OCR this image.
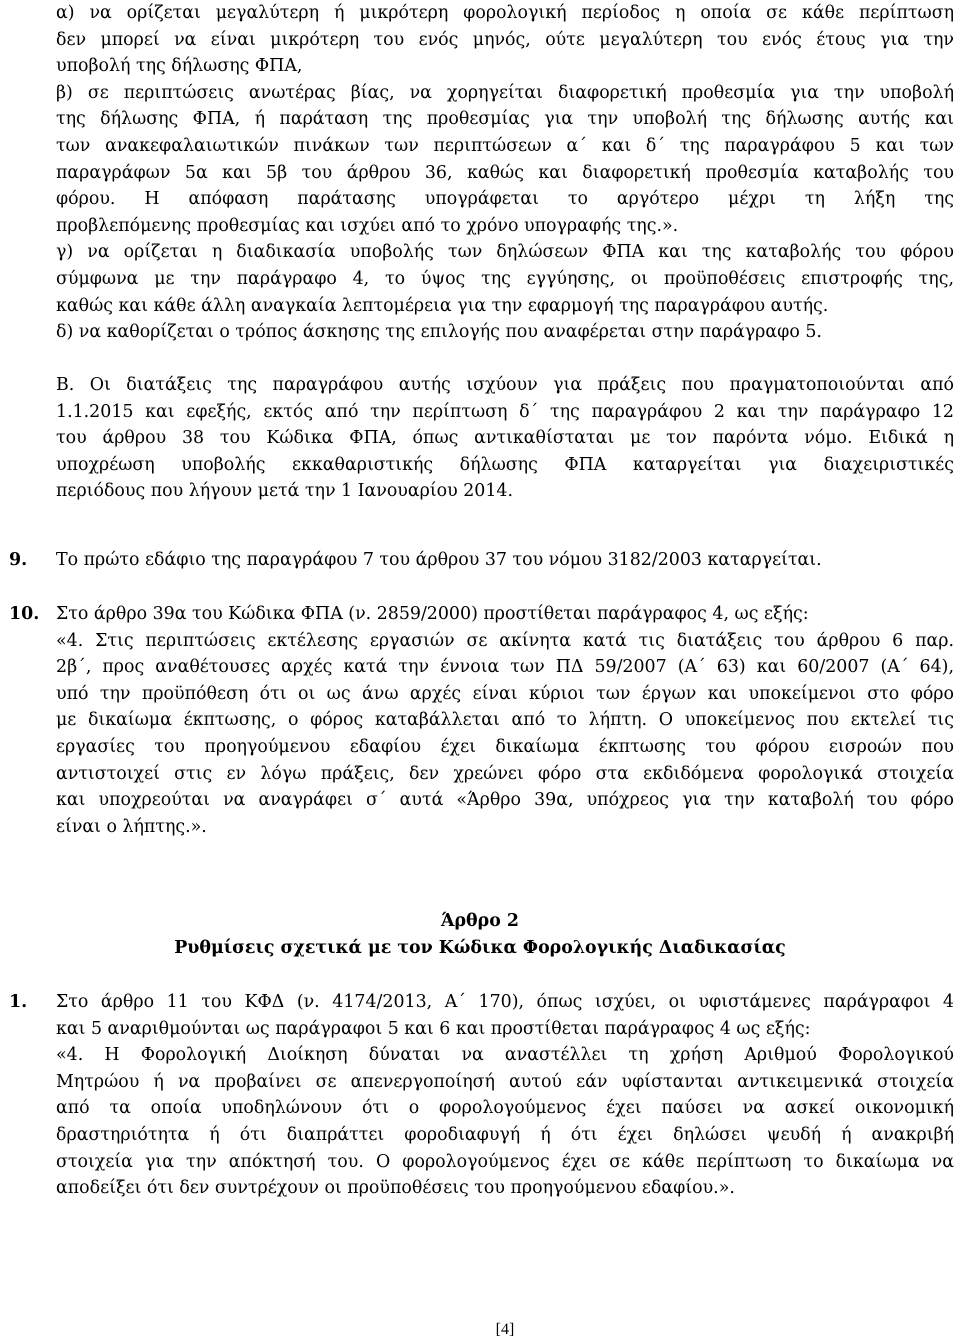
α) να ορίζεται μεγαλύτερη ή μικρότερη φορολογική περίοδος η οποία σε κάθε περίπτωση
δεν μπορεί να είναι μικρότερη του ενός μηνός, ούτε μεγαλύτερη του ενός έτους για την
υποβολή της δήλωσης ΦΠΑ,
β) σε περιπτώσεις ανωτέρας βίας, να χορηγείται διαφορετική προθεσμία για την υποβολή
της δήλωσης ΦΠΑ, ή παράταση της προθεσμίας για την υποβολή της δήλωσης αυτής και
των ανακεφαλαιωτικών πινάκων των περιπτώσεων α΄ και δ΄ της παραγράφου 5 και των
παραγράφων 5α και 5β του άρθρου 36, καθώς και διαφορετική προθεσμία καταβολής του
φόρου. Η απόφαση παράτασης υπογράφεται το αργότερο μέχρι τη λήξη της
προβλεπόμενης προθεσμίας και ισχύει από το χρόνο υπογραφής της.».
γ) να ορίζεται η διαδικασία υποβολής των δηλώσεων ΦΠΑ και της καταβολής του φόρου
σύμφωνα με την παράγραφο 4, το ύψος της εγγύησης, οι προϋποθέσεις επιστροφής της,
καθώς και κάθε άλλη αναγκαία λεπτομέρεια για την εφαρμογή της παραγράφου αυτής.
δ) να καθορίζεται ο τρόπος άσκησης της επιλογής που αναφέρεται στην παράγραφο 5.
Β. Οι διατάξεις της παραγράφου αυτής ισχύουν για πράξεις που πραγματοποιούνται από
1.1.2015 και εφεξής, εκτός από την περίπτωση δ΄ της παραγράφου 2 και την παράγραφο 12
του άρθρου 38 του Κώδικα ΦΠΑ, όπως αντικαθίσταται με τον παρόντα νόμο. Ειδικά η
υποχρέωση υποβολής εκκαθαριστικής δήλωσης ΦΠΑ καταργείται για διαχειριστικές
περιόδους που λήγουν μετά την 1 Ιανουαρίου 2014.
9. Το πρώτο εδάφιο της παραγράφου 7 του άρθρου 37 του νόμου 3182/2003 καταργείται.
10. Στο άρθρο 39α του Κώδικα ΦΠΑ (ν. 2859/2000) προστίθεται παράγραφος 4, ως εξής:
«4. Στις περιπτώσεις εκτέλεσης εργασιών σε ακίνητα κατά τις διατάξεις του άρθρου 6 παρ.
2β΄, προς αναθέτουσες αρχές κατά την έννοια των ΠΔ 59/2007 (Α΄ 63) και 60/2007 (Α΄ 64),
υπό την προϋπόθεση ότι οι ως άνω αρχές είναι κύριοι των έργων και υποκείμενοι στο φόρο
με δικαίωμα έκπτωσης, ο φόρος καταβάλλεται από το λήπτη. Ο υποκείμενος που εκτελεί τις
εργασίες του προηγούμενου εδαφίου έχει δικαίωμα έκπτωσης του φόρου εισροών που
αντιστοιχεί στις εν λόγω πράξεις, δεν χρεώνει φόρο στα εκδιδόμενα φορολογικά στοιχεία
και υποχρεούται να αναγράφει σ΄ αυτά «Άρθρο 39α, υπόχρεος για την καταβολή του φόρο
είναι ο λήπτης.».
Άρθρο 2
Ρυθμίσεις σχετικά με τον Κώδικα Φορολογικής Διαδικασίας
1. Στο άρθρο 11 του ΚΦΔ (ν. 4174/2013, Α΄ 170), όπως ισχύει, οι υφιστάμενες παράγραφοι 4
και 5 αναριθμούνται ως παράγραφοι 5 και 6 και προστίθεται παράγραφος 4 ως εξής:
«4. Η Φορολογική Διοίκηση δύναται να αναστέλλει τη χρήση Αριθμού Φορολογικού
Μητρώου ή να προβαίνει σε απενεργοποίησή αυτού εάν υφίστανται αντικειμενικά στοιχεία
από τα οποία υποδηλώνουν ότι ο φορολογούμενος έχει παύσει να ασκεί οικονομική
δραστηριότητα ή ότι διαπράττει φοροδιαφυγή ή ότι έχει δηλώσει ψευδή ή ανακριβή
στοιχεία για την απόκτησή του. Ο φορολογούμενος έχει σε κάθε περίπτωση το δικαίωμα να
αποδείξει ότι δεν συντρέχουν οι προϋποθέσεις του προηγούμενου εδαφίου.».
[4]
